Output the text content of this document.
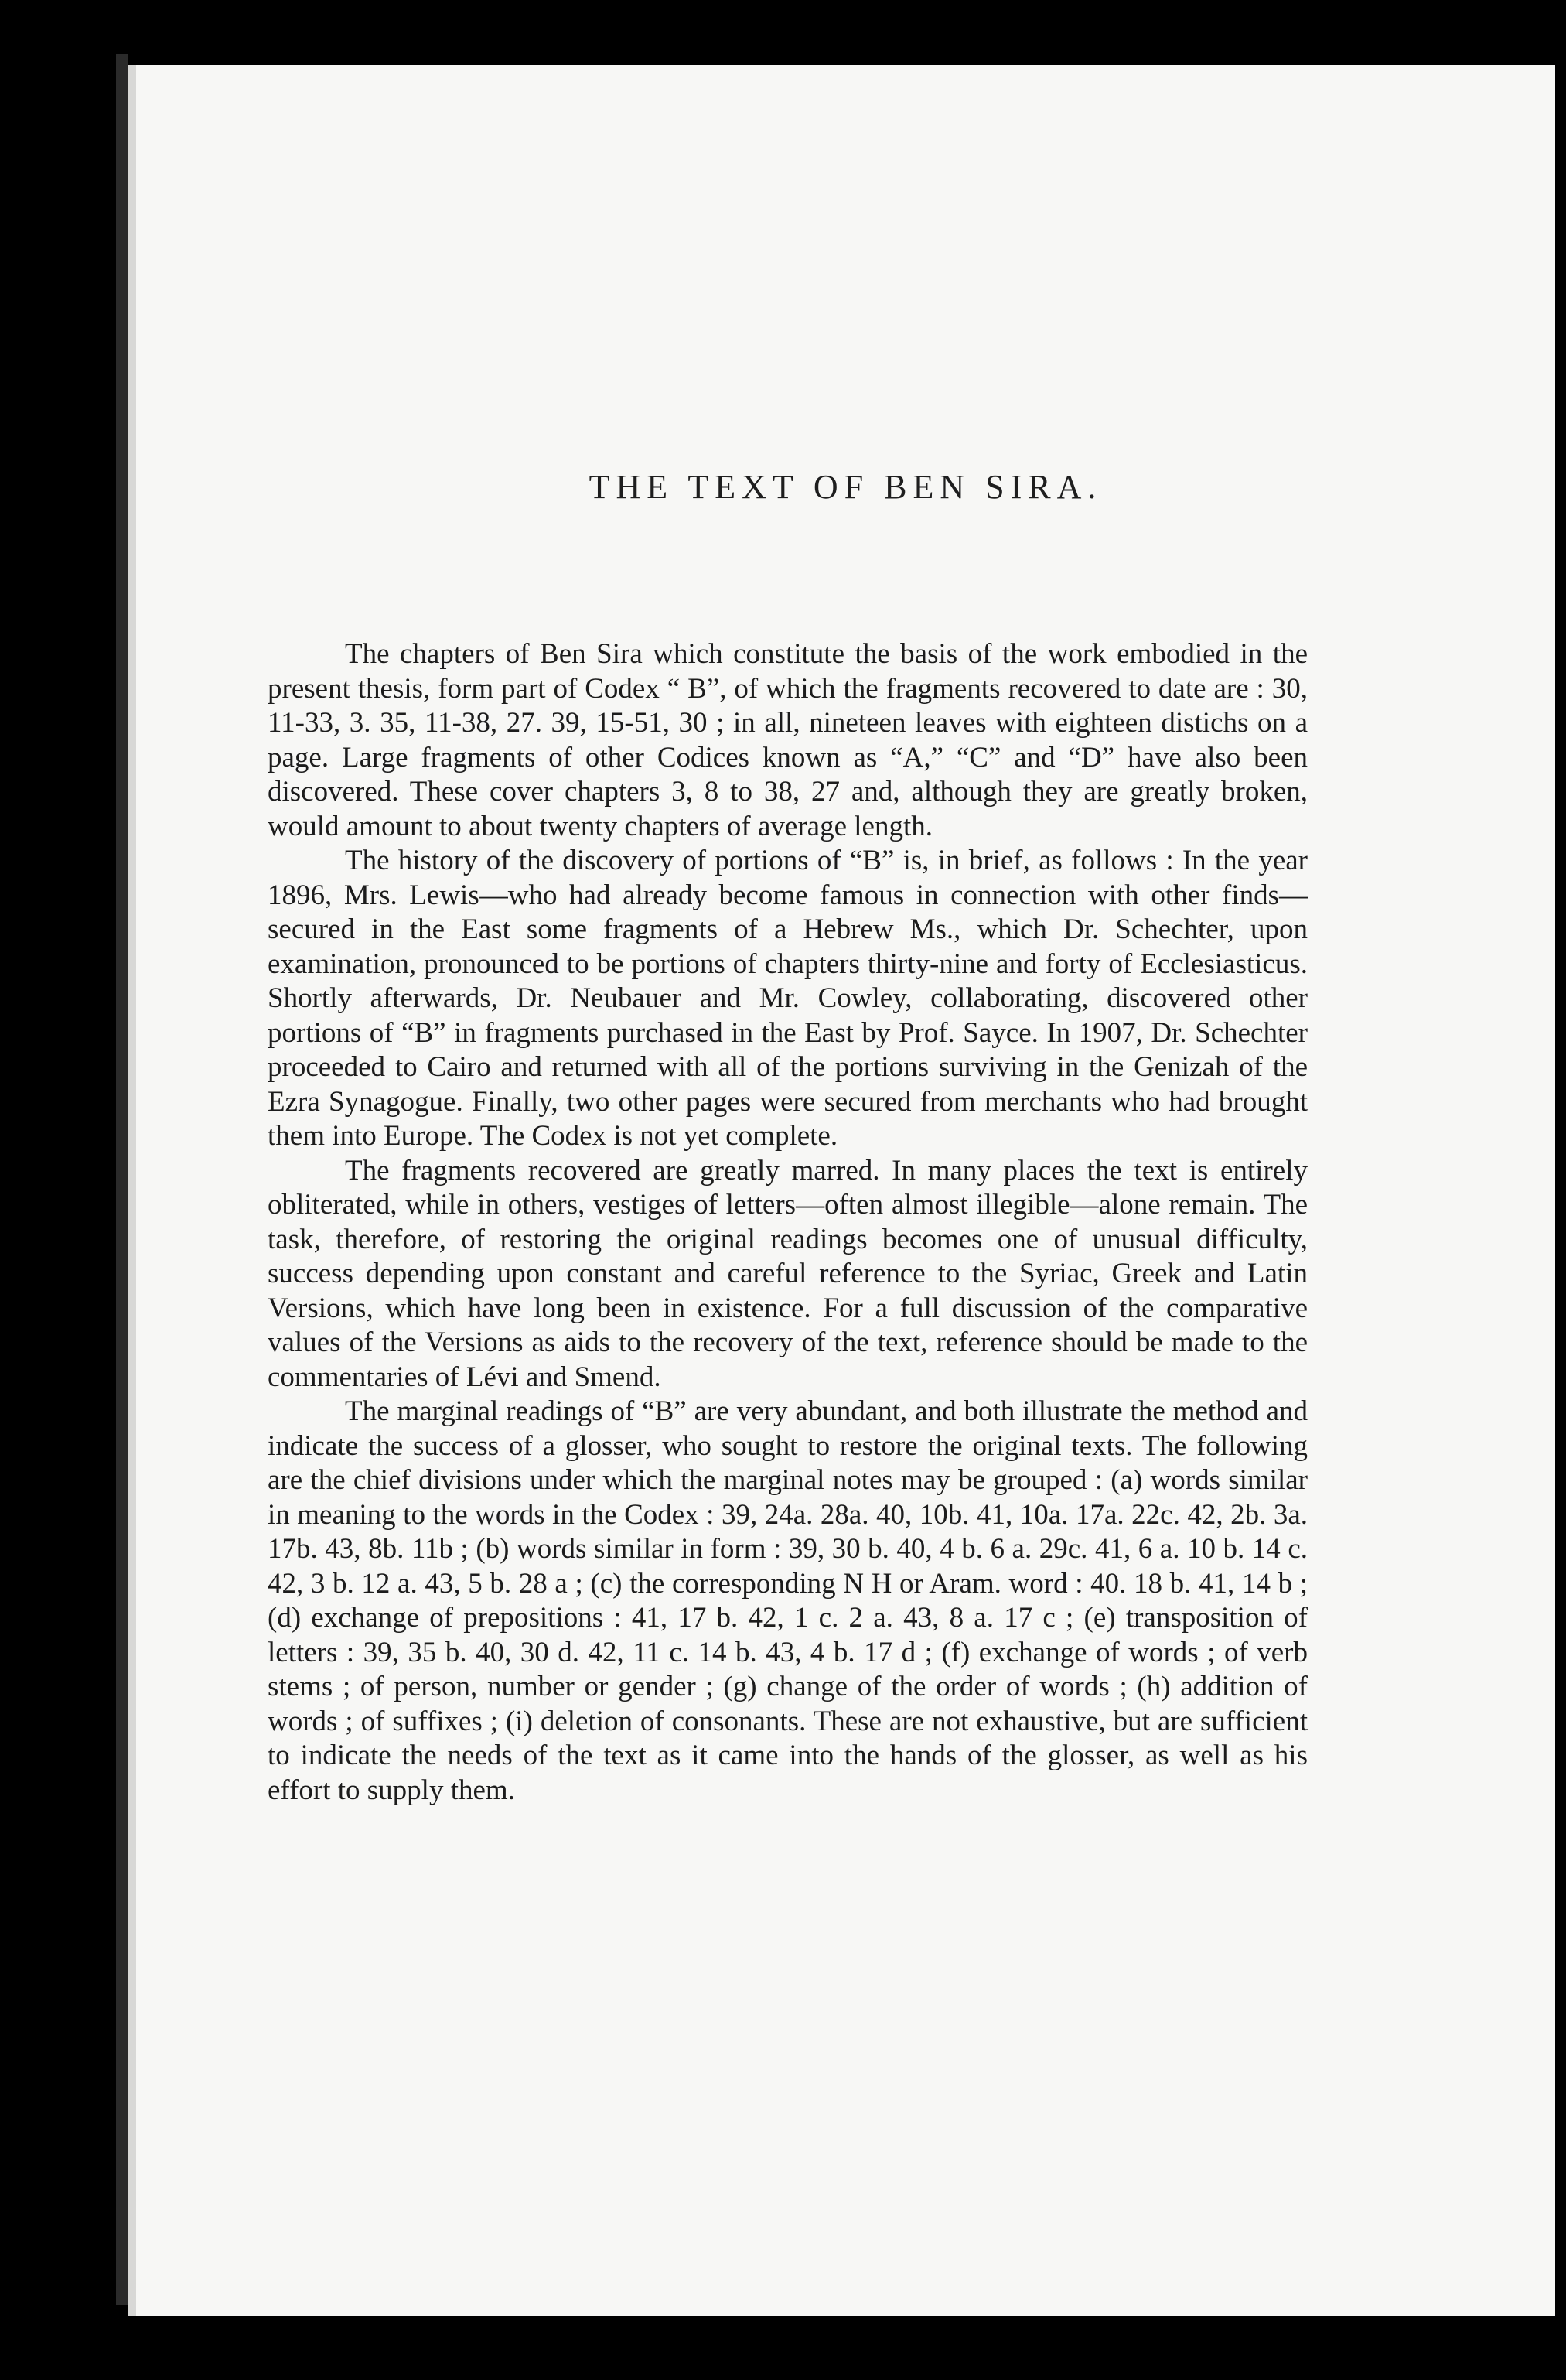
THE TEXT OF BEN SIRA.

The chapters of Ben Sira which constitute the basis of the work embodied in the present thesis, form part of Codex “ B”, of which the fragments recovered to date are : 30, 11-33, 3. 35, 11-38, 27. 39, 15-51, 30 ; in all, nineteen leaves with eighteen distichs on a page. Large fragments of other Codices known as “A,” “C” and “D” have also been discovered. These cover chapters 3, 8 to 38, 27 and, although they are greatly broken, would amount to about twenty chapters of average length.

The history of the discovery of portions of “B” is, in brief, as follows : In the year 1896, Mrs. Lewis—who had already become famous in connection with other finds—secured in the East some fragments of a Hebrew Ms., which Dr. Schechter, upon examination, pronounced to be portions of chapters thirty-nine and forty of Ecclesiasticus. Shortly afterwards, Dr. Neubauer and Mr. Cowley, collaborating, discovered other portions of “B” in fragments purchased in the East by Prof. Sayce. In 1907, Dr. Schechter proceeded to Cairo and returned with all of the portions surviving in the Genizah of the Ezra Synagogue. Finally, two other pages were secured from merchants who had brought them into Europe. The Codex is not yet complete.

The fragments recovered are greatly marred. In many places the text is entirely obliterated, while in others, vestiges of letters—often almost illegible—alone remain. The task, therefore, of restoring the original readings becomes one of unusual difficulty, success depending upon constant and careful reference to the Syriac, Greek and Latin Versions, which have long been in existence. For a full discussion of the comparative values of the Versions as aids to the recovery of the text, reference should be made to the commentaries of Lévi and Smend.

The marginal readings of “B” are very abundant, and both illustrate the method and indicate the success of a glosser, who sought to restore the original texts. The following are the chief divisions under which the marginal notes may be grouped : (a) words similar in meaning to the words in the Codex : 39, 24a. 28a. 40, 10b. 41, 10a. 17a. 22c. 42, 2b. 3a. 17b. 43, 8b. 11b ; (b) words similar in form : 39, 30 b. 40, 4 b. 6 a. 29c. 41, 6 a. 10 b. 14 c. 42, 3 b. 12 a. 43, 5 b. 28 a ; (c) the corresponding N H or Aram. word : 40. 18 b. 41, 14 b ; (d) exchange of prepositions : 41, 17 b. 42, 1 c. 2 a. 43, 8 a. 17 c ; (e) transposition of letters : 39, 35 b. 40, 30 d. 42, 11 c. 14 b. 43, 4 b. 17 d ; (f) exchange of words ; of verb stems ; of person, number or gender ; (g) change of the order of words ; (h) addition of words ; of suffixes ; (i) deletion of consonants. These are not exhaustive, but are sufficient to indicate the needs of the text as it came into the hands of the glosser, as well as his effort to supply them.
